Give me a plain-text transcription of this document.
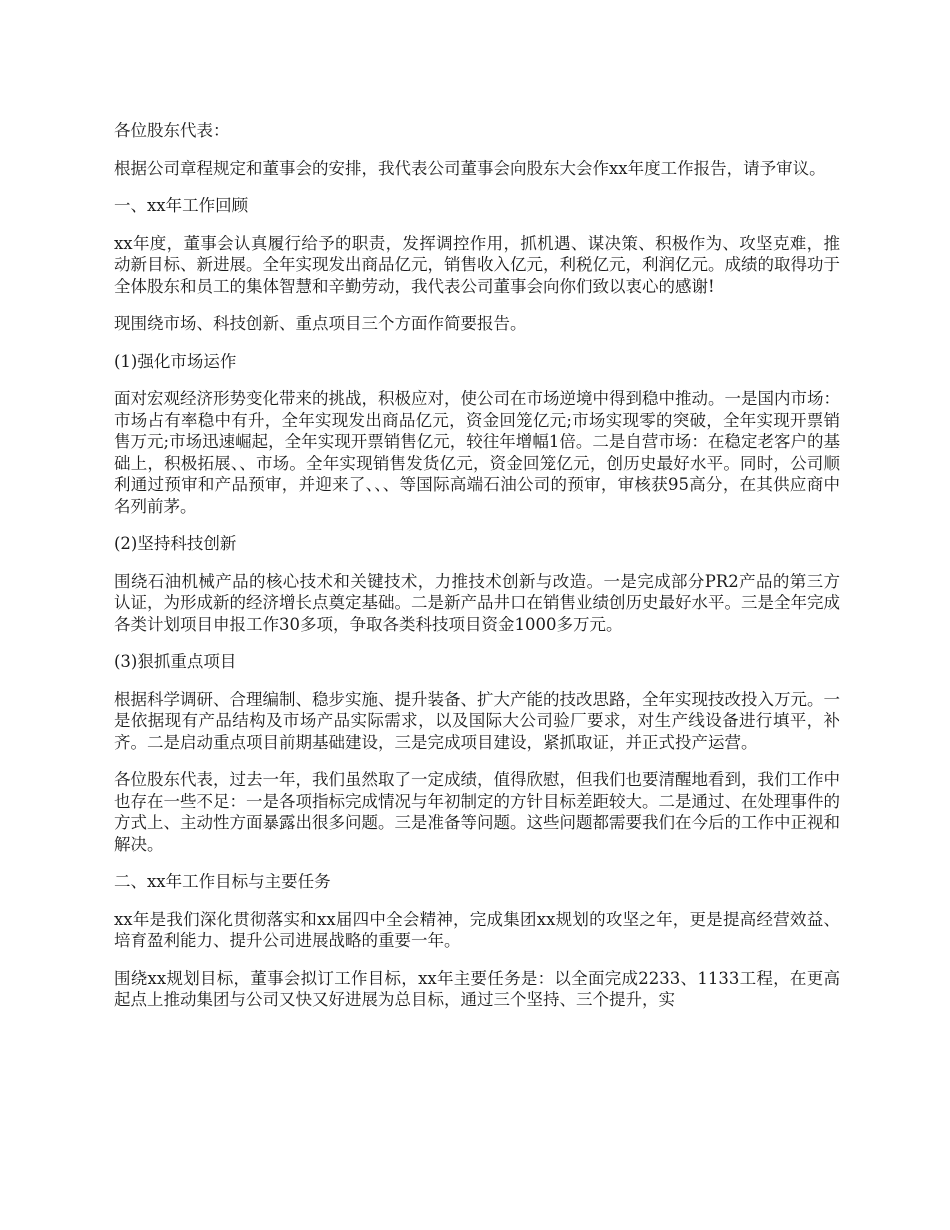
各位股东代表：

根据公司章程规定和董事会的安排，我代表公司董事会向股东大会作xx年度工作报告，请予审议。

一、xx年工作回顾

xx年度，董事会认真履行给予的职责，发挥调控作用，抓机遇、谋决策、积极作为、攻坚克难，推动新目标、新进展。全年实现发出商品亿元，销售收入亿元，利税亿元，利润亿元。成绩的取得功于全体股东和员工的集体智慧和辛勤劳动，我代表公司董事会向你们致以衷心的感谢!

现围绕市场、科技创新、重点项目三个方面作简要报告。

(1)强化市场运作

面对宏观经济形势变化带来的挑战，积极应对，使公司在市场逆境中得到稳中推动。一是国内市场：市场占有率稳中有升，全年实现发出商品亿元，资金回笼亿元;市场实现零的突破，全年实现开票销售万元;市场迅速崛起，全年实现开票销售亿元，较往年增幅1倍。二是自营市场：在稳定老客户的基础上，积极拓展、、市场。全年实现销售发货亿元，资金回笼亿元，创历史最好水平。同时，公司顺利通过预审和产品预审，并迎来了、、、等国际高端石油公司的预审，审核获95高分，在其供应商中名列前茅。

(2)坚持科技创新

围绕石油机械产品的核心技术和关键技术，力推技术创新与改造。一是完成部分PR2产品的第三方认证，为形成新的经济增长点奠定基础。二是新产品井口在销售业绩创历史最好水平。三是全年完成各类计划项目申报工作30多项，争取各类科技项目资金1000多万元。

(3)狠抓重点项目

根据科学调研、合理编制、稳步实施、提升装备、扩大产能的技改思路，全年实现技改投入万元。一是依据现有产品结构及市场产品实际需求，以及国际大公司验厂要求，对生产线设备进行填平，补齐。二是启动重点项目前期基础建设，三是完成项目建设，紧抓取证，并正式投产运营。

各位股东代表，过去一年，我们虽然取了一定成绩，值得欣慰，但我们也要清醒地看到，我们工作中也存在一些不足：一是各项指标完成情况与年初制定的方针目标差距较大。二是通过、在处理事件的方式上、主动性方面暴露出很多问题。三是准备等问题。这些问题都需要我们在今后的工作中正视和解决。

二、xx年工作目标与主要任务

xx年是我们深化贯彻落实和xx届四中全会精神，完成集团xx规划的攻坚之年，更是提高经营效益、培育盈利能力、提升公司进展战略的重要一年。

围绕xx规划目标，董事会拟订工作目标，xx年主要任务是：以全面完成2233、1133工程，在更高起点上推动集团与公司又快又好进展为总目标，通过三个坚持、三个提升，实
